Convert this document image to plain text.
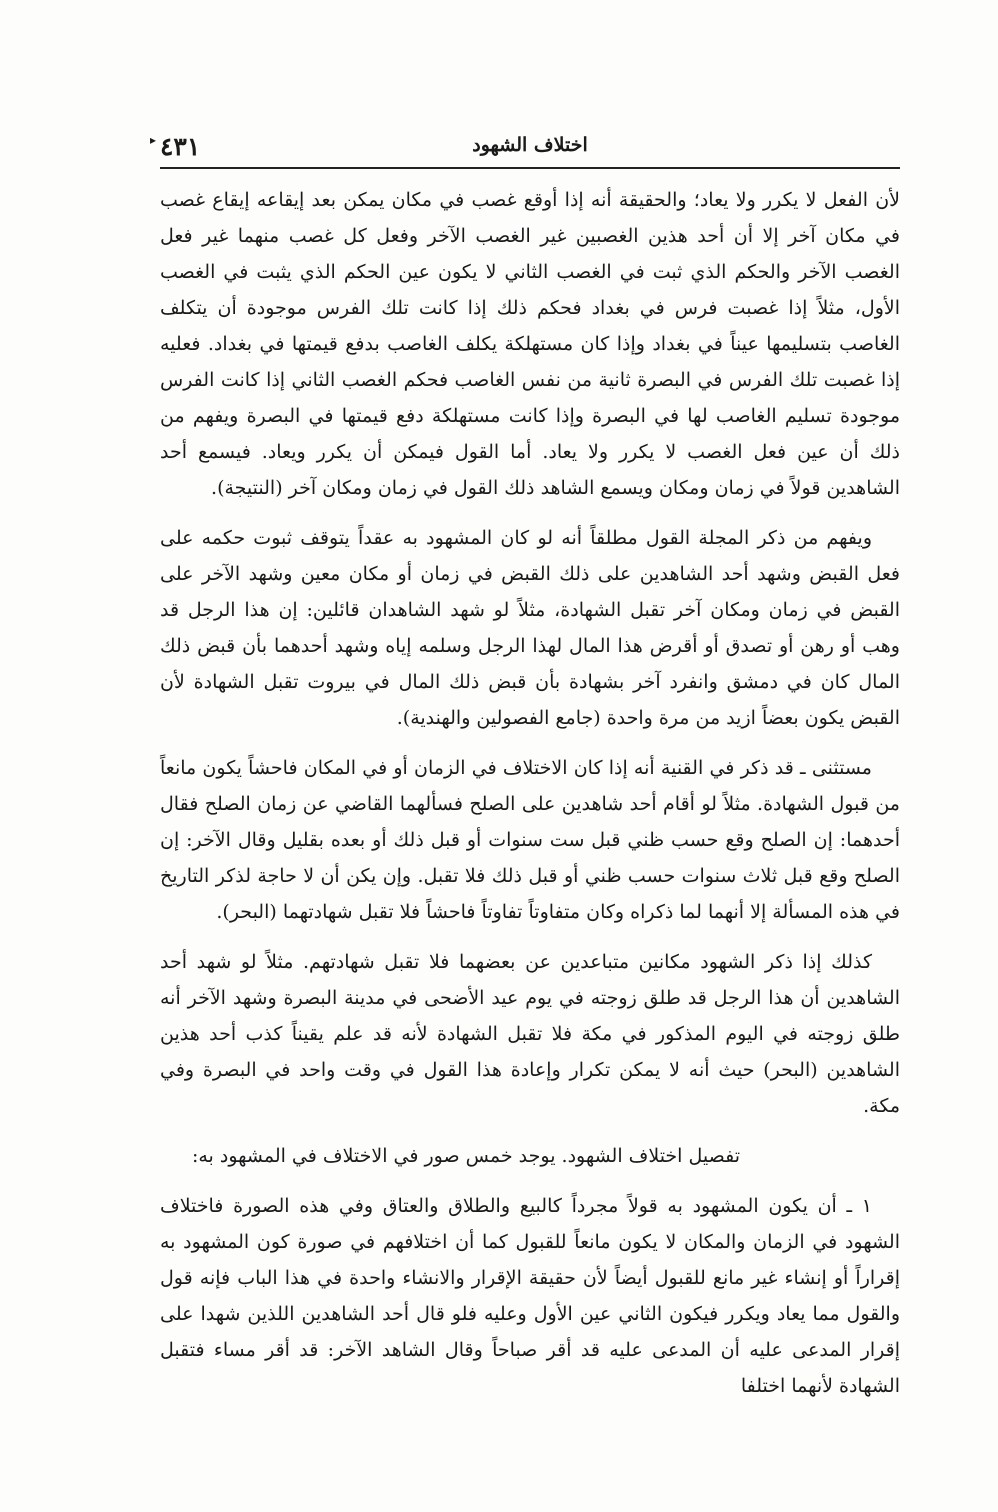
▸ ٤٣١	اختلاف الشهود

لأن الفعل لا يكرر ولا يعاد؛ والحقيقة أنه إذا أوقع غصب في مكان يمكن بعد إيقاعه إيقاع غصب في مكان آخر إلا أن أحد هذين الغصبين غير الغصب الآخر وفعل كل غصب منهما غير فعل الغصب الآخر والحكم الذي ثبت في الغصب الثاني لا يكون عين الحكم الذي يثبت في الغصب الأول، مثلاً إذا غصبت فرس في بغداد فحكم ذلك إذا كانت تلك الفرس موجودة أن يتكلف الغاصب بتسليمها عيناً في بغداد وإذا كان مستهلكة يكلف الغاصب بدفع قيمتها في بغداد. فعليه إذا غصبت تلك الفرس في البصرة ثانية من نفس الغاصب فحكم الغصب الثاني إذا كانت الفرس موجودة تسليم الغاصب لها في البصرة وإذا كانت مستهلكة دفع قيمتها في البصرة ويفهم من ذلك أن عين فعل الغصب لا يكرر ولا يعاد. أما القول فيمكن أن يكرر ويعاد. فيسمع أحد الشاهدين قولاً في زمان ومكان ويسمع الشاهد ذلك القول في زمان ومكان آخر (النتيجة).

ويفهم من ذكر المجلة القول مطلقاً أنه لو كان المشهود به عقداً يتوقف ثبوت حكمه على فعل القبض وشهد أحد الشاهدين على ذلك القبض في زمان أو مكان معين وشهد الآخر على القبض في زمان ومكان آخر تقبل الشهادة، مثلاً لو شهد الشاهدان قائلين: إن هذا الرجل قد وهب أو رهن أو تصدق أو أقرض هذا المال لهذا الرجل وسلمه إياه وشهد أحدهما بأن قبض ذلك المال كان في دمشق وانفرد آخر بشهادة بأن قبض ذلك المال في بيروت تقبل الشهادة لأن القبض يكون بعضاً ازيد من مرة واحدة (جامع الفصولين والهندية).

مستثنى ـ قد ذكر في القنية أنه إذا كان الاختلاف في الزمان أو في المكان فاحشاً يكون مانعاً من قبول الشهادة. مثلاً لو أقام أحد شاهدين على الصلح فسألهما القاضي عن زمان الصلح فقال أحدهما: إن الصلح وقع حسب ظني قبل ست سنوات أو قبل ذلك أو بعده بقليل وقال الآخر: إن الصلح وقع قبل ثلاث سنوات حسب ظني أو قبل ذلك فلا تقبل. وإن يكن أن لا حاجة لذكر التاريخ في هذه المسألة إلا أنهما لما ذكراه وكان متفاوتاً تفاوتاً فاحشاً فلا تقبل شهادتهما (البحر).

كذلك إذا ذكر الشهود مكانين متباعدين عن بعضهما فلا تقبل شهادتهم. مثلاً لو شهد أحد الشاهدين أن هذا الرجل قد طلق زوجته في يوم عيد الأضحى في مدينة البصرة وشهد الآخر أنه طلق زوجته في اليوم المذكور في مكة فلا تقبل الشهادة لأنه قد علم يقيناً كذب أحد هذين الشاهدين (البحر) حيث أنه لا يمكن تكرار وإعادة هذا القول في وقت واحد في البصرة وفي مكة.

تفصيل اختلاف الشهود. يوجد خمس صور في الاختلاف في المشهود به:

١ ـ أن يكون المشهود به قولاً مجرداً كالبيع والطلاق والعتاق وفي هذه الصورة فاختلاف الشهود في الزمان والمكان لا يكون مانعاً للقبول كما أن اختلافهم في صورة كون المشهود به إقراراً أو إنشاء غير مانع للقبول أيضاً لأن حقيقة الإقرار والانشاء واحدة في هذا الباب فإنه قول والقول مما يعاد ويكرر فيكون الثاني عين الأول وعليه فلو قال أحد الشاهدين اللذين شهدا على إقرار المدعى عليه أن المدعى عليه قد أقر صباحاً وقال الشاهد الآخر: قد أقر مساء فتقبل الشهادة لأنهما اختلفا
